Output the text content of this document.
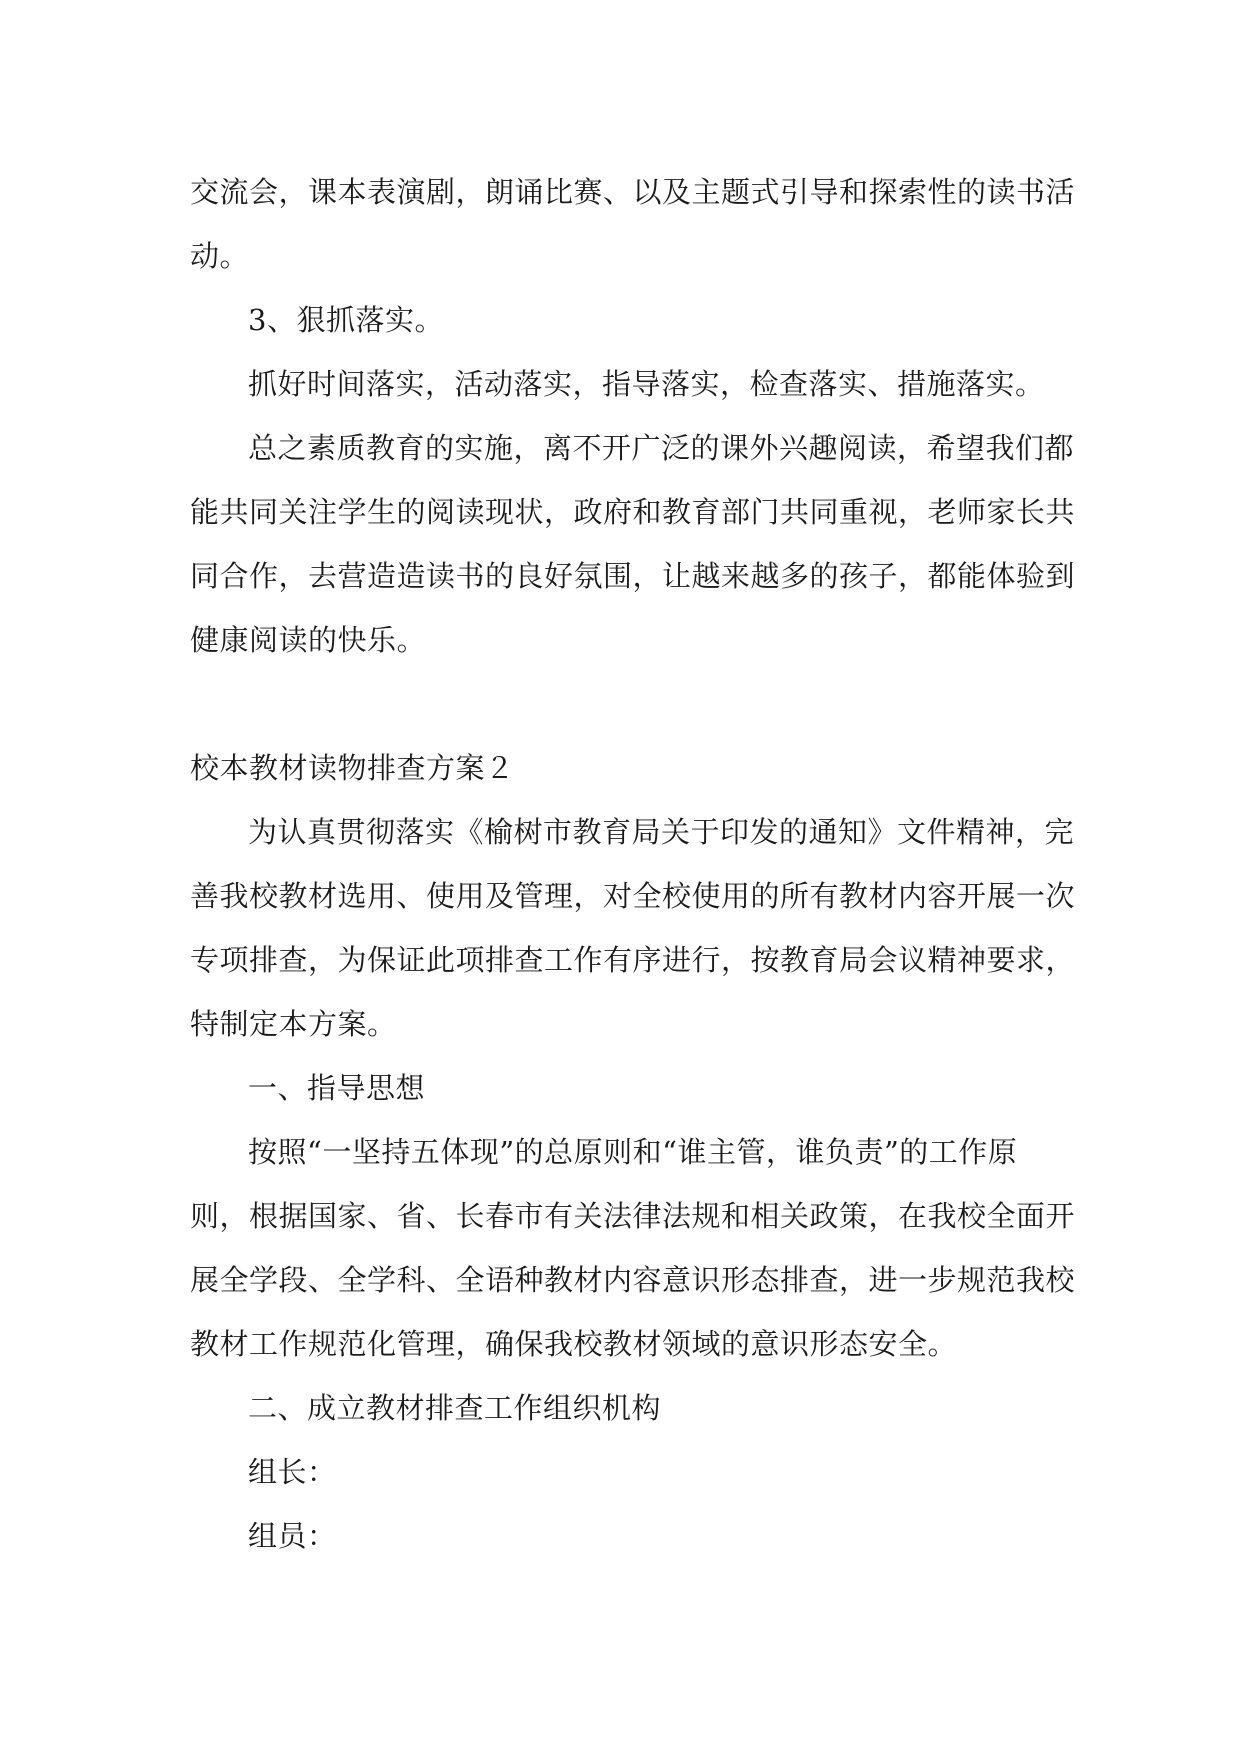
交流会，课本表演剧，朗诵比赛、以及主题式引导和探索性的读书活
动。
3、狠抓落实。
抓好时间落实，活动落实，指导落实，检查落实、措施落实。
总之素质教育的实施，离不开广泛的课外兴趣阅读，希望我们都
能共同关注学生的阅读现状，政府和教育部门共同重视，老师家长共
同合作，去营造造读书的良好氛围，让越来越多的孩子，都能体验到
健康阅读的快乐。
校本教材读物排查方案２
为认真贯彻落实《榆树市教育局关于印发的通知》文件精神，完
善我校教材选用、使用及管理，对全校使用的所有教材内容开展一次
专项排查，为保证此项排查工作有序进行，按教育局会议精神要求，
特制定本方案。
一、指导思想
按照“一坚持五体现”的总原则和“谁主管，谁负责”的工作原
则，根据国家、省、长春市有关法律法规和相关政策，在我校全面开
展全学段、全学科、全语种教材内容意识形态排查，进一步规范我校
教材工作规范化管理，确保我校教材领域的意识形态安全。
二、成立教材排查工作组织机构
组长：
组员：
